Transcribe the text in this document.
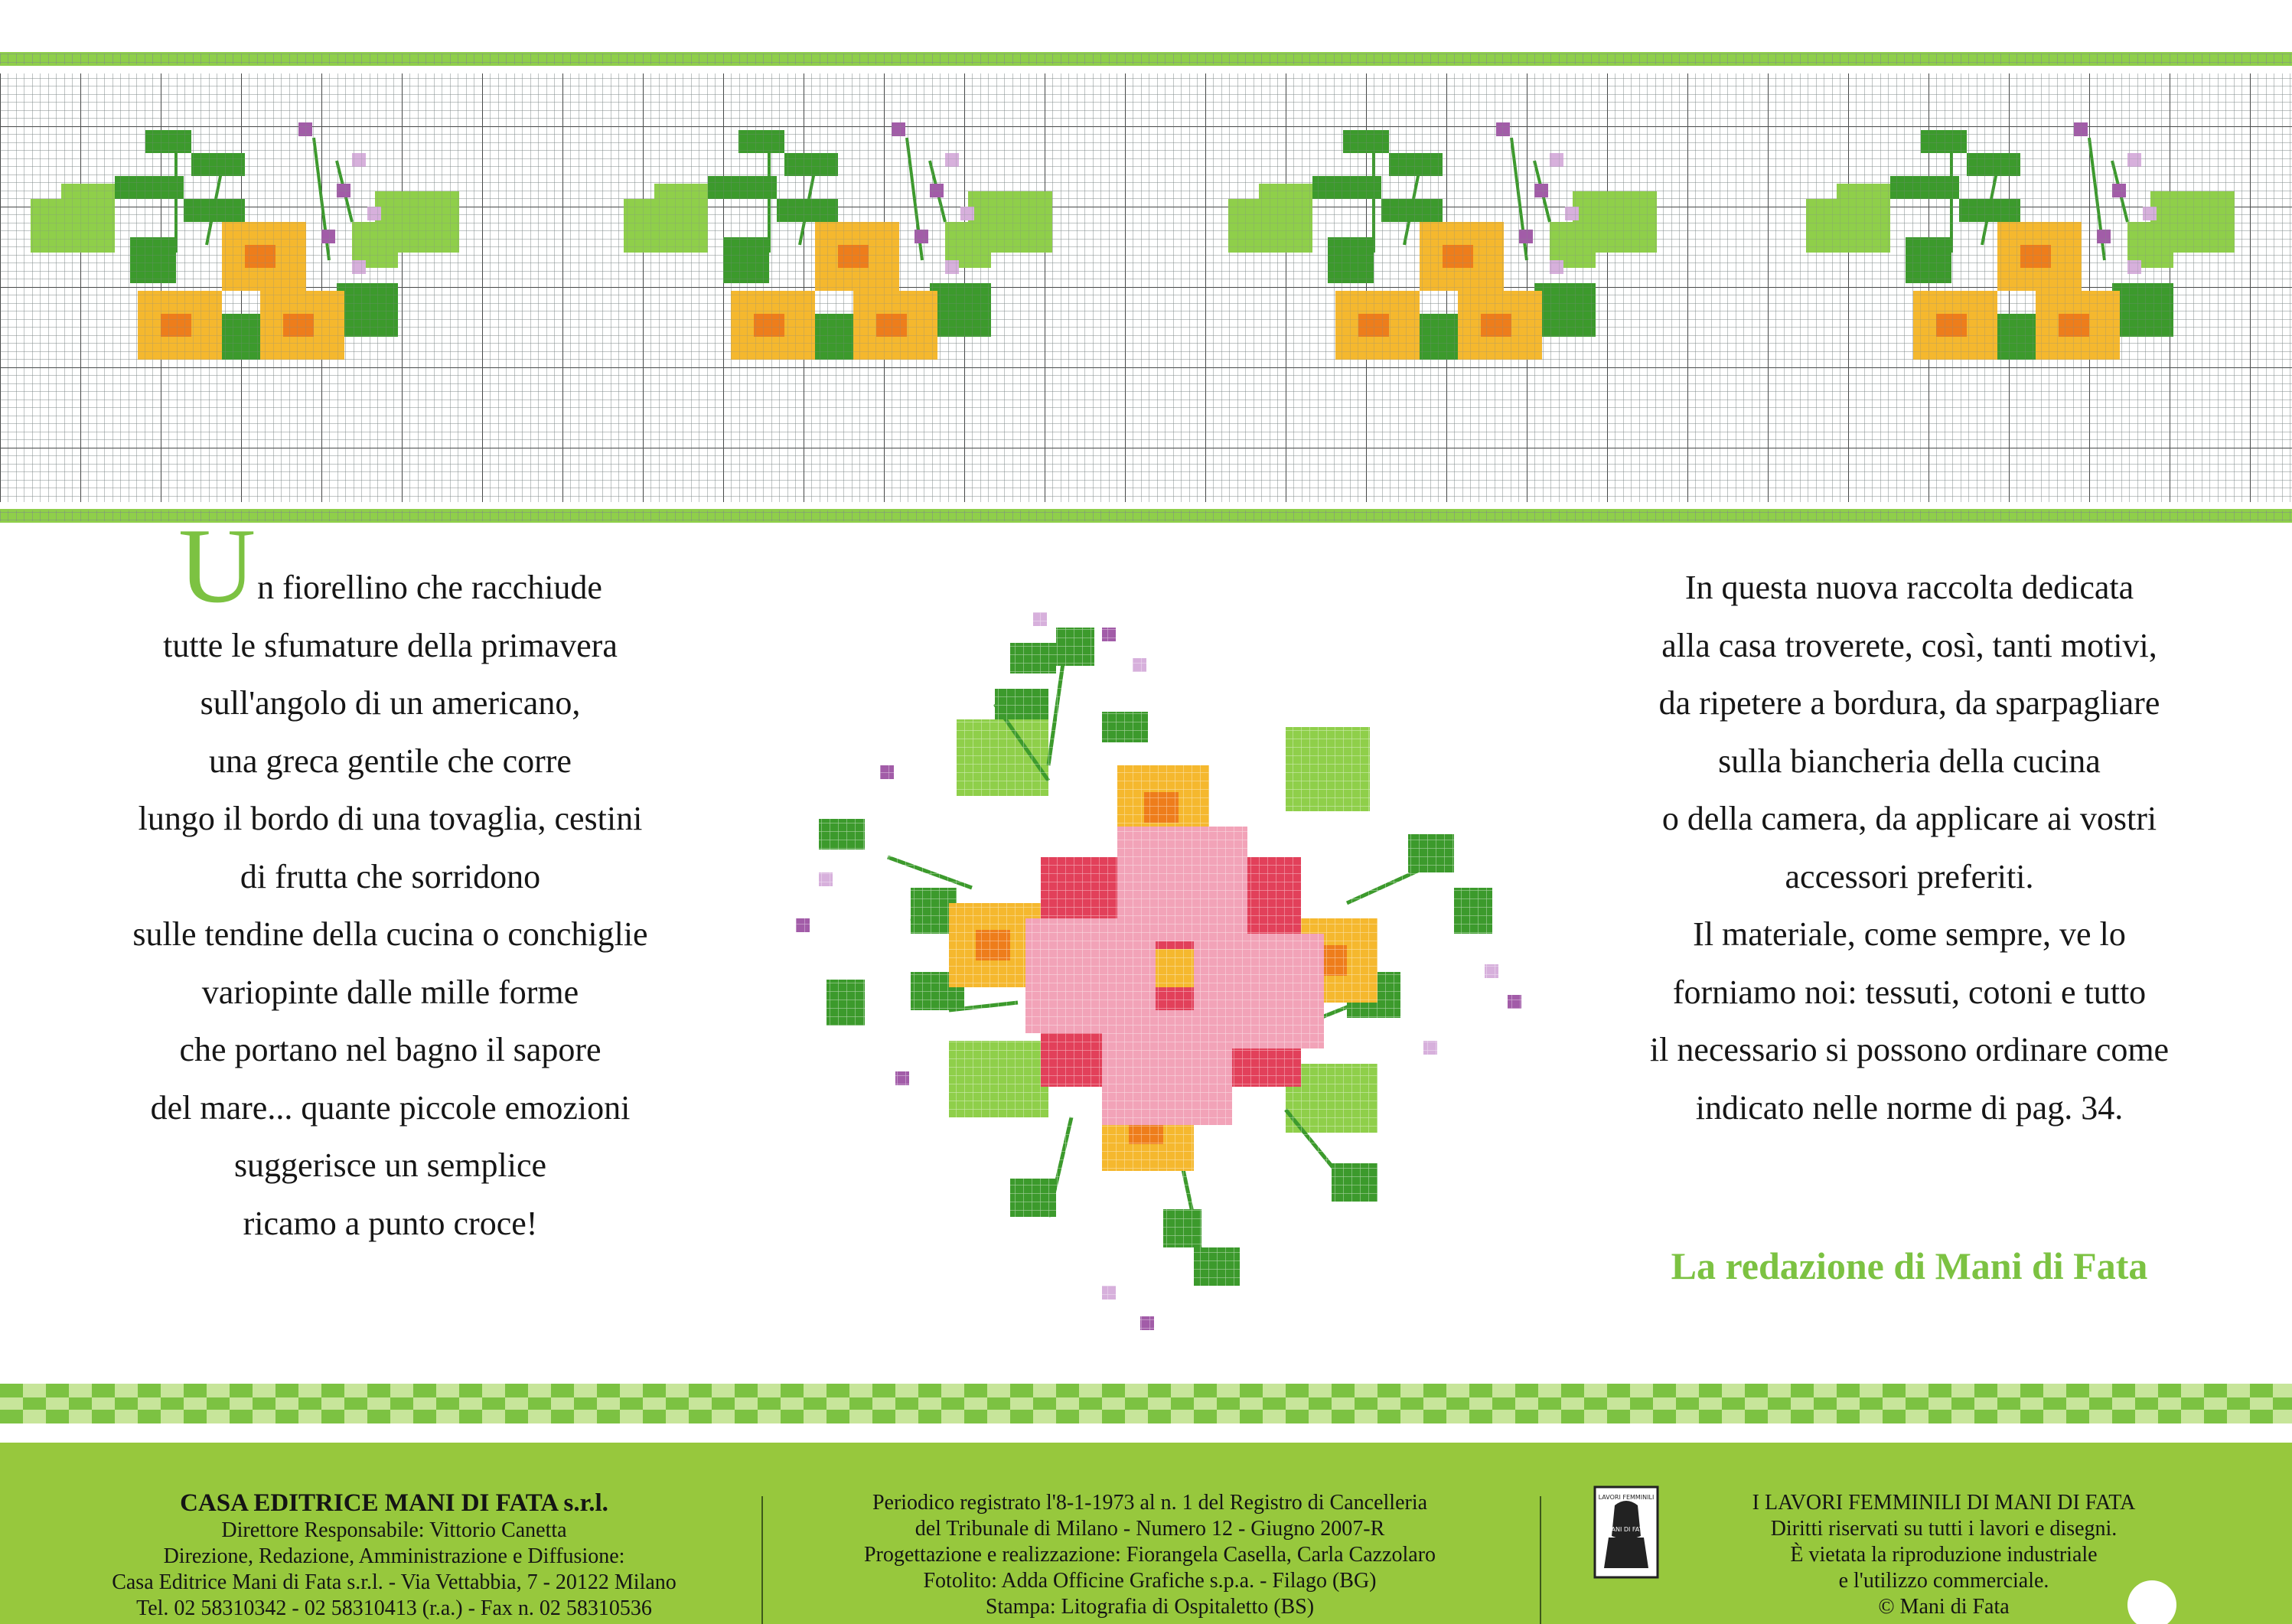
Un fiorellino che racchiude

tutte le sfumature della primavera

sull'angolo di un americano,

una greca gentile che corre

lungo il bordo di una tovaglia, cestini

di frutta che sorridono

sulle tendine della cucina o conchiglie

variopinte dalle mille forme

che portano nel bagno il sapore

del mare... quante piccole emozioni

suggerisce un semplice

ricamo a punto croce!

In questa nuova raccolta dedicata

alla casa troverete, così, tanti motivi,

da ripetere a bordura, da sparpagliare

sulla biancheria della cucina

o della camera, da applicare ai vostri

accessori preferiti.

Il materiale, come sempre, ve lo

forniamo noi: tessuti, cotoni e tutto

il necessario si possono ordinare come

indicato nelle norme di pag. 34.

La redazione di Mani di Fata
CASA EDITRICE MANI DI FATA s.r.l.
Direttore Responsabile: Vittorio Canetta
Direzione, Redazione, Amministrazione e Diffusione:
Casa Editrice Mani di Fata s.r.l. - Via Vettabbia, 7 - 20122 Milano
Tel. 02 58310342 - 02 58310413 (r.a.) - Fax n. 02 58310536
Periodico registrato l'8-1-1973 al n. 1 del Registro di Cancelleria
del Tribunale di Milano - Numero 12 - Giugno 2007-R
Progettazione e realizzazione: Fiorangela Casella, Carla Cazzolaro
Fotolito: Adda Officine Grafiche s.p.a. - Filago (BG)
Stampa: Litografia di Ospitaletto (BS)
LAVORI FEMMINILI
MANI DI FATA
I LAVORI FEMMINILI DI MANI DI FATA
Diritti riservati su tutti i lavori e disegni.
È vietata la riproduzione industriale
e l'utilizzo commerciale.
© Mani di Fata
